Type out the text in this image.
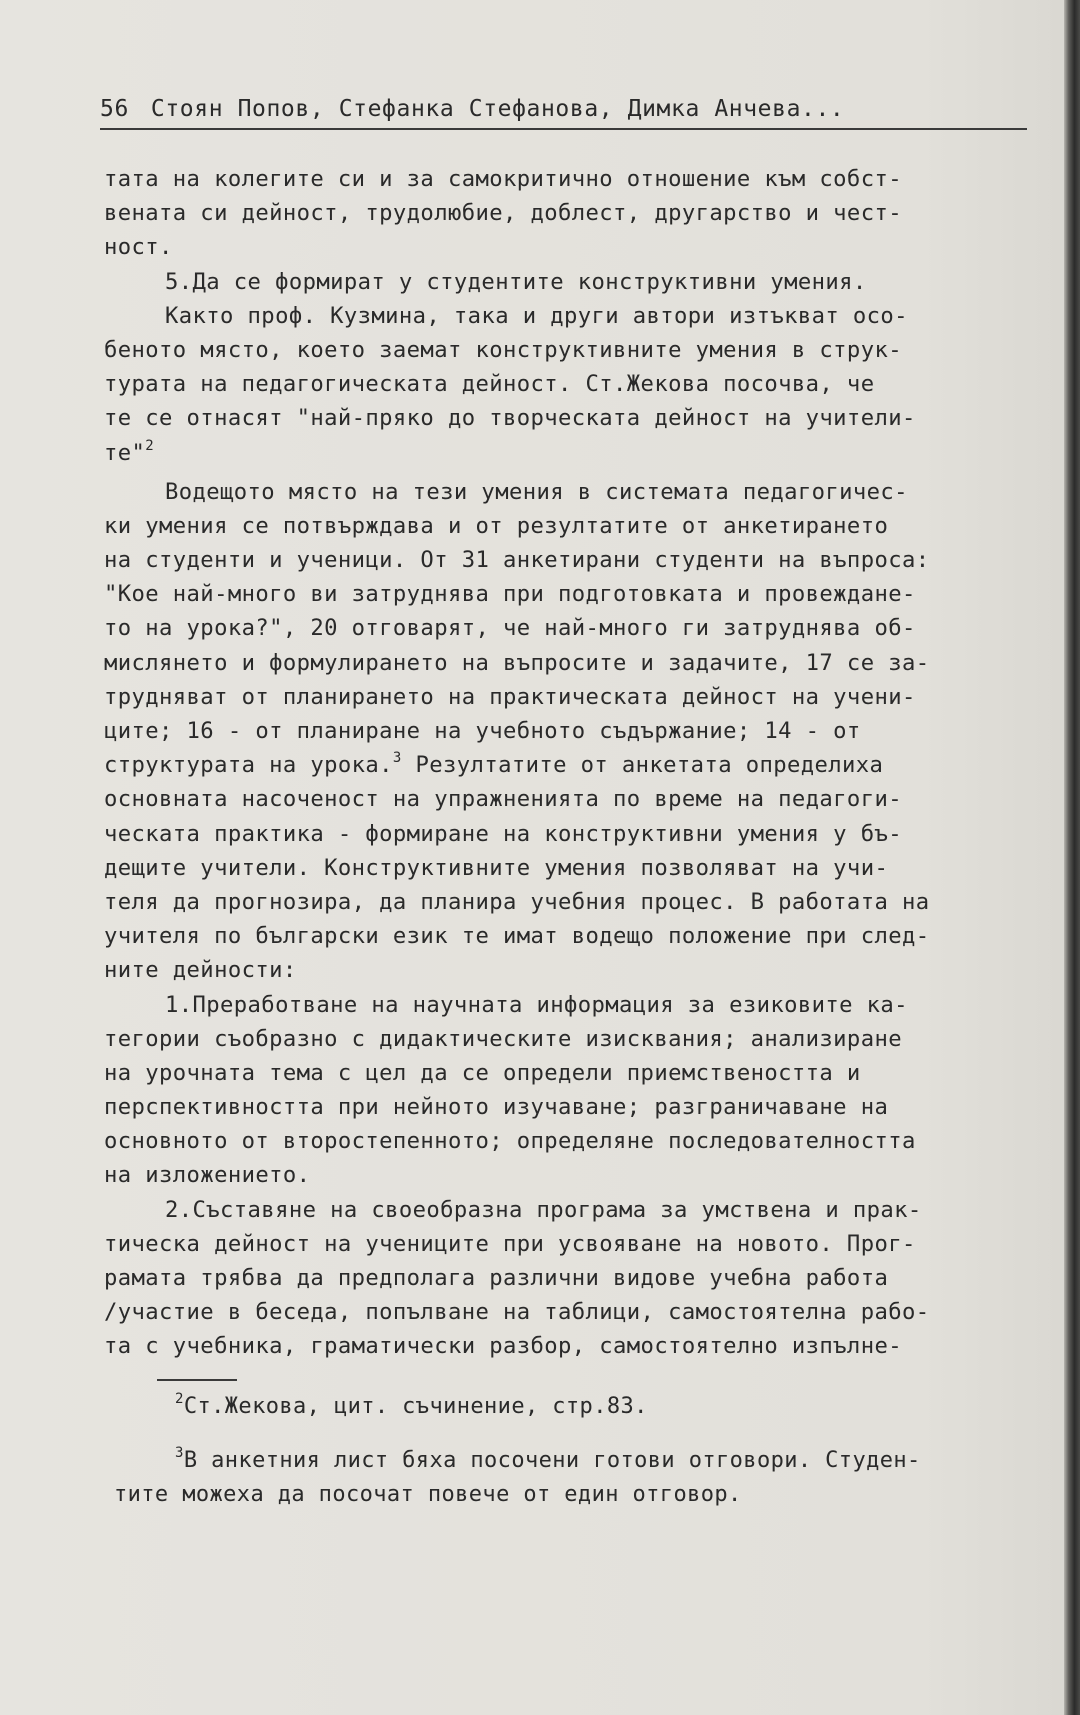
56 Стоян Попов, Стефанка Стефанова, Димка Анчева...
тата на колегите си и за самокритично отношение към собст-
вената си дейност, трудолюбие, доблест, другарство и чест-
ност.
5.Да се формират у студентите конструктивни умения.
Както проф. Кузмина, така и други автори изтъкват осо-
беното място, което заемат конструктивните умения в струк-
турата на педагогическата дейност. Ст.Жекова посочва, че
те се отнасят "най-пряко до творческата дейност на учители-
те"$^2$
Водещото място на тези умения в системата педагогичес-
ки умения се потвърждава и от резултатите от анкетирането
на студенти и ученици. От 31 анкетирани студенти на въпроса:
"Кое най-много ви затруднява при подготовката и провеждане-
то на урока?", 20 отговарят, че най-много ги затруднява об-
мислянето и формулирането на въпросите и задачите, 17 се за-
трудняват от планирането на практическата дейност на учени-
ците; 16 - от планиране на учебното съдържание; 14 - от
структурата на урока.$^3$ Резултатите от анкетата определиха
основната насоченост на упражненията по време на педагоги-
ческата практика - формиране на конструктивни умения у бъ-
дещите учители. Конструктивните умения позволяват на учи-
теля да прогнозира, да планира учебния процес. В работата на
учителя по български език те имат водещо положение при след-
ните дейности:
1.Преработване на научната информация за езиковите ка-
тегории съобразно с дидактическите изисквания; анализиране
на урочната тема с цел да се определи приемствеността и
перспективността при нейното изучаване; разграничаване на
основното от второстепенното; определяне последователността
на изложението.
2.Съставяне на своеобразна програма за умствена и прак-
тическа дейност на учениците при усвояване на новото. Прог-
рамата трябва да предполага различни видове учебна работа
/участие в беседа, попълване на таблици, самостоятелна рабо-
та с учебника, граматически разбор, самостоятелно изпълне-
$^2$Ст.Жекова, цит. съчинение, стр.83.
$^3$В анкетния лист бяха посочени готови отговори. Студен-
тите можеха да посочат повече от един отговор.
